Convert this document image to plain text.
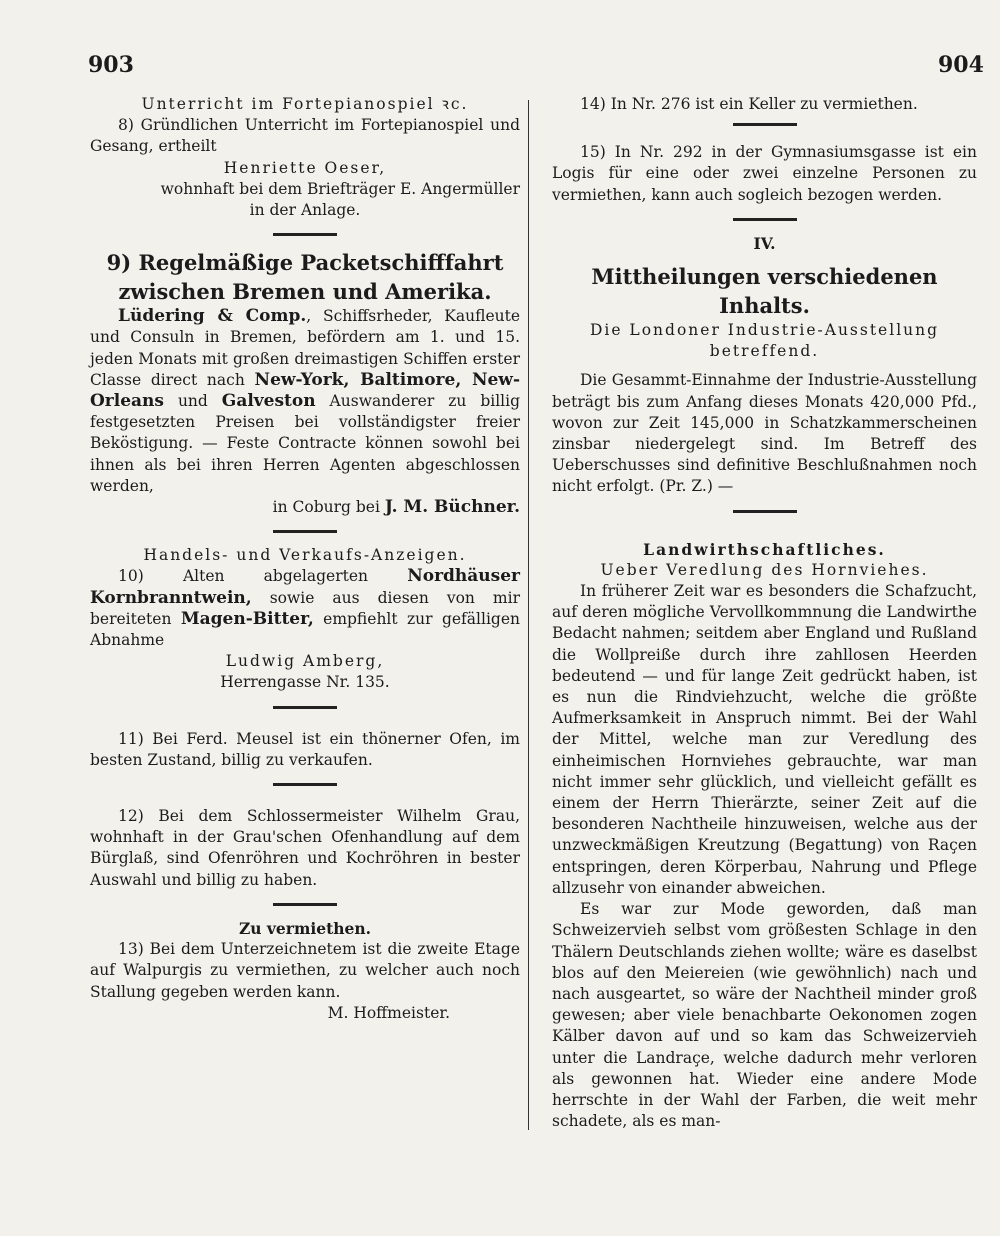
903	904

Unterricht im Fortepianospiel ꝛc.

8) Gründlichen Unterricht im Fortepianospiel und Gesang, ertheilt

Henriette Oeser,

wohnhaft bei dem Briefträger E. Angermüller

in der Anlage.

9) Regelmäßige Packetschifffahrt

zwischen Bremen und Amerika.

Lüdering & Comp., Schiffsrheder, Kaufleute und Consuln in Bremen, befördern am 1. und 15. jeden Monats mit großen dreimastigen Schiffen erster Classe direct nach New-York, Baltimore, New-Orleans und Galveston Auswanderer zu billig festgesetzten Preisen bei vollständigster freier Beköstigung. — Feste Contracte können sowohl bei ihnen als bei ihren Herren Agenten abgeschlossen werden,

in Coburg bei J. M. Büchner.

Handels- und Verkaufs-Anzeigen.

10) Alten abgelagerten Nordhäuser Kornbranntwein, sowie aus diesen von mir bereiteten Magen-Bitter, empfiehlt zur gefälligen Abnahme

Ludwig Amberg,

Herrengasse Nr. 135.

11) Bei Ferd. Meusel ist ein thönerner Ofen, im besten Zustand, billig zu verkaufen.

12) Bei dem Schlossermeister Wilhelm Grau, wohnhaft in der Grau'schen Ofenhandlung auf dem Bürglaß, sind Ofenröhren und Kochröhren in bester Auswahl und billig zu haben.

Zu vermiethen.

13) Bei dem Unterzeichnetem ist die zweite Etage auf Walpurgis zu vermiethen, zu welcher auch noch Stallung gegeben werden kann.

M. Hoffmeister.

14) In Nr. 276 ist ein Keller zu vermiethen.

15) In Nr. 292 in der Gymnasiumsgasse ist ein Logis für eine oder zwei einzelne Personen zu vermiethen, kann auch sogleich bezogen werden.

IV.

Mittheilungen verschiedenen Inhalts.

Die Londoner Industrie-Ausstellung betreffend.

Die Gesammt-Einnahme der Industrie-Ausstellung beträgt bis zum Anfang dieses Monats 420,000 Pfd., wovon zur Zeit 145,000 in Schatzkammerscheinen zinsbar niedergelegt sind. Im Betreff des Ueberschusses sind definitive Beschlußnahmen noch nicht erfolgt. (Pr. Z.) —

Landwirthschaftliches.

Ueber Veredlung des Hornviehes.

In früherer Zeit war es besonders die Schafzucht, auf deren mögliche Vervollkommnung die Landwirthe Bedacht nahmen; seitdem aber England und Rußland die Wollpreiße durch ihre zahllosen Heerden bedeutend — und für lange Zeit gedrückt haben, ist es nun die Rindviehzucht, welche die größte Aufmerksamkeit in Anspruch nimmt. Bei der Wahl der Mittel, welche man zur Veredlung des einheimischen Hornviehes gebrauchte, war man nicht immer sehr glücklich, und vielleicht gefällt es einem der Herrn Thierärzte, seiner Zeit auf die besonderen Nachtheile hinzuweisen, welche aus der unzweckmäßigen Kreutzung (Begattung) von Raçen entspringen, deren Körperbau, Nahrung und Pflege allzusehr von einander abweichen.

Es war zur Mode geworden, daß man Schweizervieh selbst vom größesten Schlage in den Thälern Deutschlands ziehen wollte; wäre es daselbst blos auf den Meiereien (wie gewöhnlich) nach und nach ausgeartet, so wäre der Nachtheil minder groß gewesen; aber viele benachbarte Oekonomen zogen Kälber davon auf und so kam das Schweizervieh unter die Landraçe, welche dadurch mehr verloren als gewonnen hat. Wieder eine andere Mode herrschte in der Wahl der Farben, die weit mehr schadete, als es man-
